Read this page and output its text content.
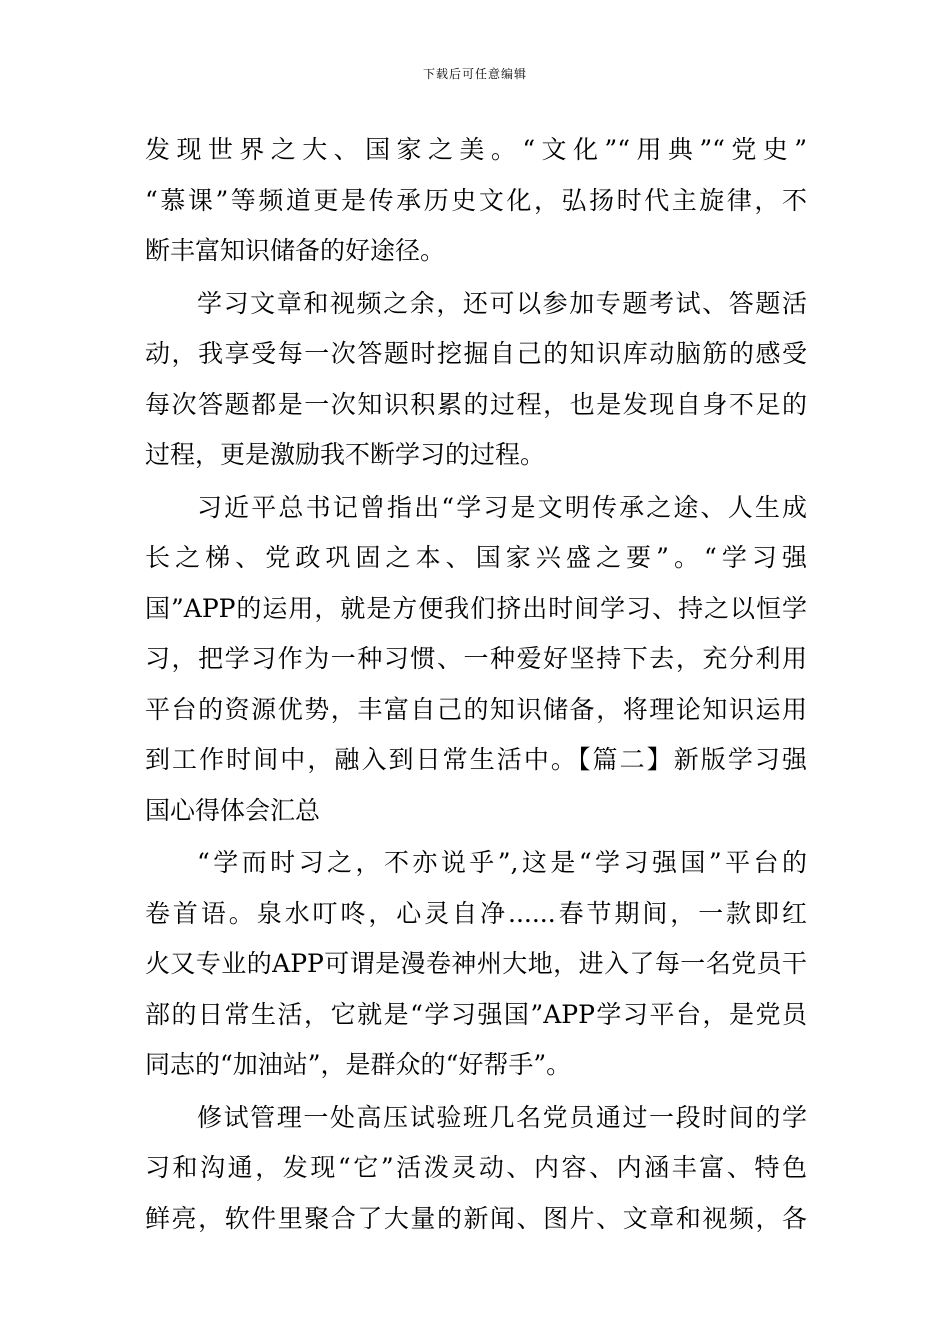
下载后可任意编辑
发现世界之大、国家之美。“文化”“用典”“党史”
“慕课”等频道更是传承历史文化，弘扬时代主旋律，不
断丰富知识储备的好途径。
学习文章和视频之余，还可以参加专题考试、答题活
动，我享受每一次答题时挖掘自己的知识库动脑筋的感受
每次答题都是一次知识积累的过程，也是发现自身不足的
过程，更是激励我不断学习的过程。
习近平总书记曾指出“学习是文明传承之途、人生成
长之梯、党政巩固之本、国家兴盛之要”。“学习强
国”APP的运用，就是方便我们挤出时间学习、持之以恒学
习，把学习作为一种习惯、一种爱好坚持下去，充分利用
平台的资源优势，丰富自己的知识储备，将理论知识运用
到工作时间中，融入到日常生活中。【篇二】新版学习强
国心得体会汇总
“学而时习之，不亦说乎”,这是“学习强国”平台的
卷首语。泉水叮咚，心灵自净......春节期间，一款即红
火又专业的APP可谓是漫卷神州大地，进入了每一名党员干
部的日常生活，它就是“学习强国”APP学习平台，是党员
同志的“加油站”，是群众的“好帮手”。
修试管理一处高压试验班几名党员通过一段时间的学
习和沟通，发现“它”活泼灵动、内容、内涵丰富、特色
鲜亮，软件里聚合了大量的新闻、图片、文章和视频，各
